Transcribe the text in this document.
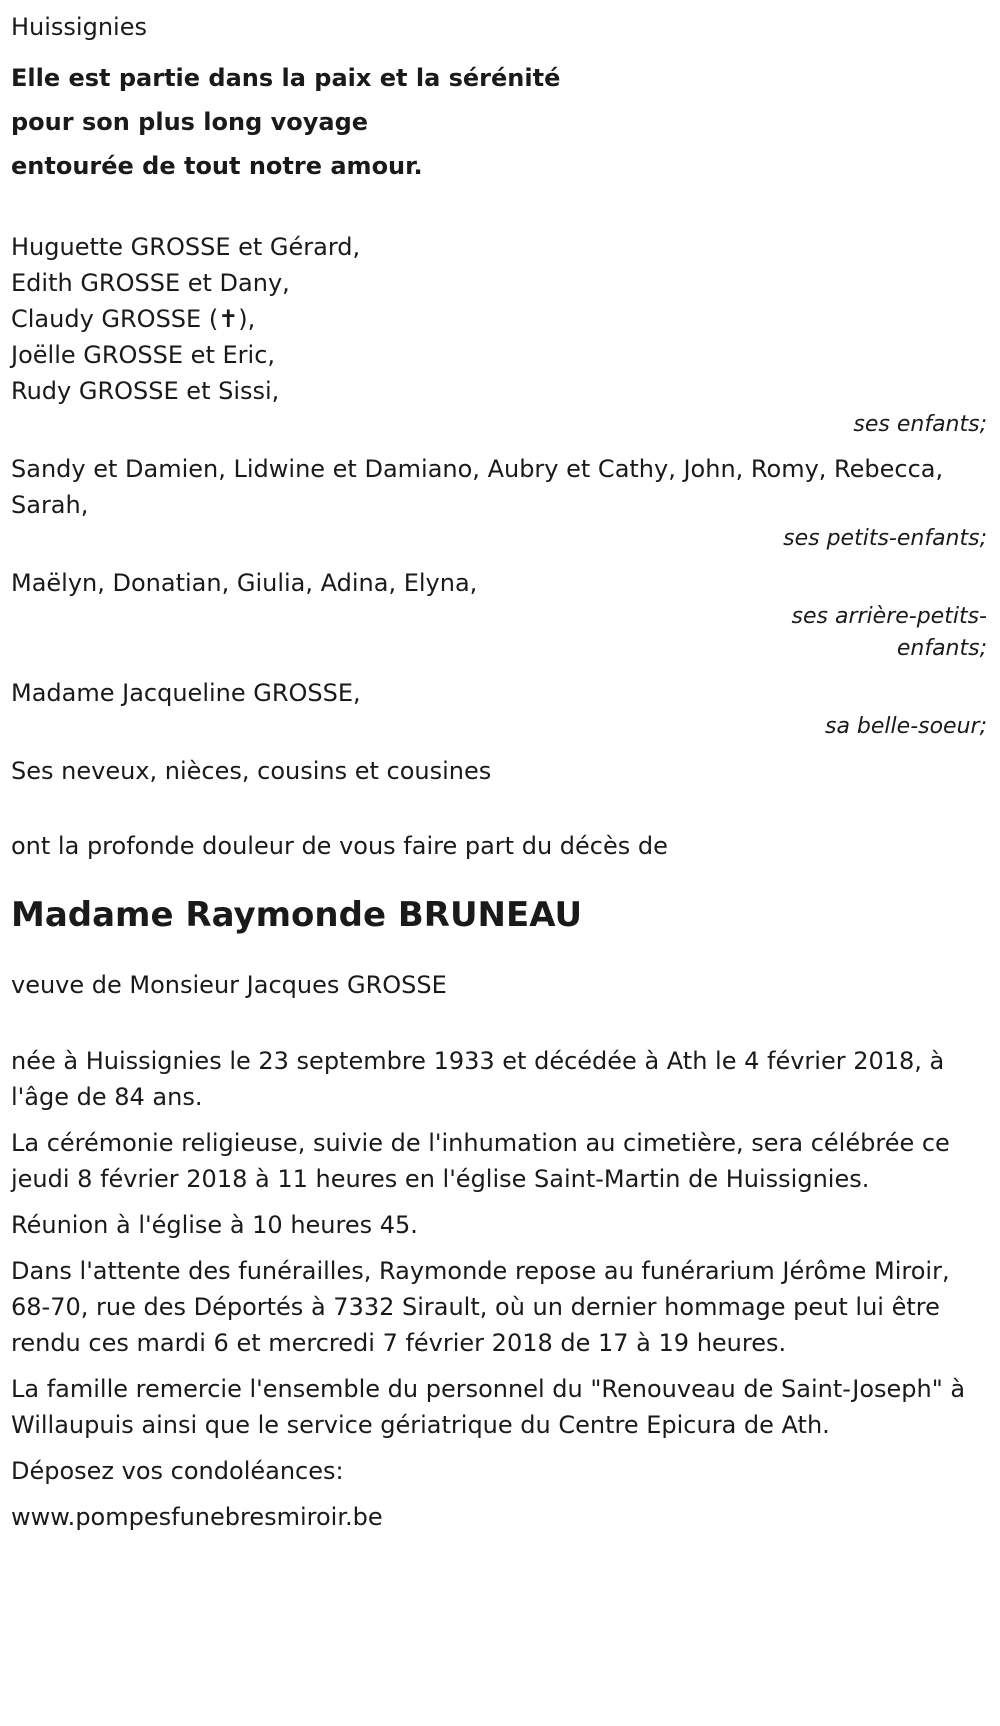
Huissignies

Elle est partie dans la paix et la sérénité

pour son plus long voyage

entourée de tout notre amour.

Huguette GROSSE et Gérard,

Edith GROSSE et Dany,

Claudy GROSSE (✝),

Joëlle GROSSE et Eric,

Rudy GROSSE et Sissi,

ses enfants;

Sandy et Damien, Lidwine et Damiano, Aubry et Cathy, John, Romy, Rebecca, Sarah,

ses petits-enfants;

Maëlyn, Donatian, Giulia, Adina, Elyna,

ses arrière-petits-

enfants;

Madame Jacqueline GROSSE,

sa belle-soeur;

Ses neveux, nièces, cousins et cousines

ont la profonde douleur de vous faire part du décès de

Madame Raymonde BRUNEAU

veuve de Monsieur Jacques GROSSE

née à Huissignies le 23 septembre 1933 et décédée à Ath le 4 février 2018, à l'âge de 84 ans.

La cérémonie religieuse, suivie de l'inhumation au cimetière, sera célébrée ce jeudi 8 février 2018 à 11 heures en l'église Saint-Martin de Huissignies.

Réunion à l'église à 10 heures 45.

Dans l'attente des funérailles, Raymonde repose au funérarium Jérôme Miroir, 68-70, rue des Déportés à 7332 Sirault, où un dernier hommage peut lui être rendu ces mardi 6 et mercredi 7 février 2018 de 17 à 19 heures.

La famille remercie l'ensemble du personnel du "Renouveau de Saint-Joseph" à Willaupuis ainsi que le service gériatrique du Centre Epicura de Ath.

Déposez vos condoléances:

www.pompesfunebresmiroir.be
